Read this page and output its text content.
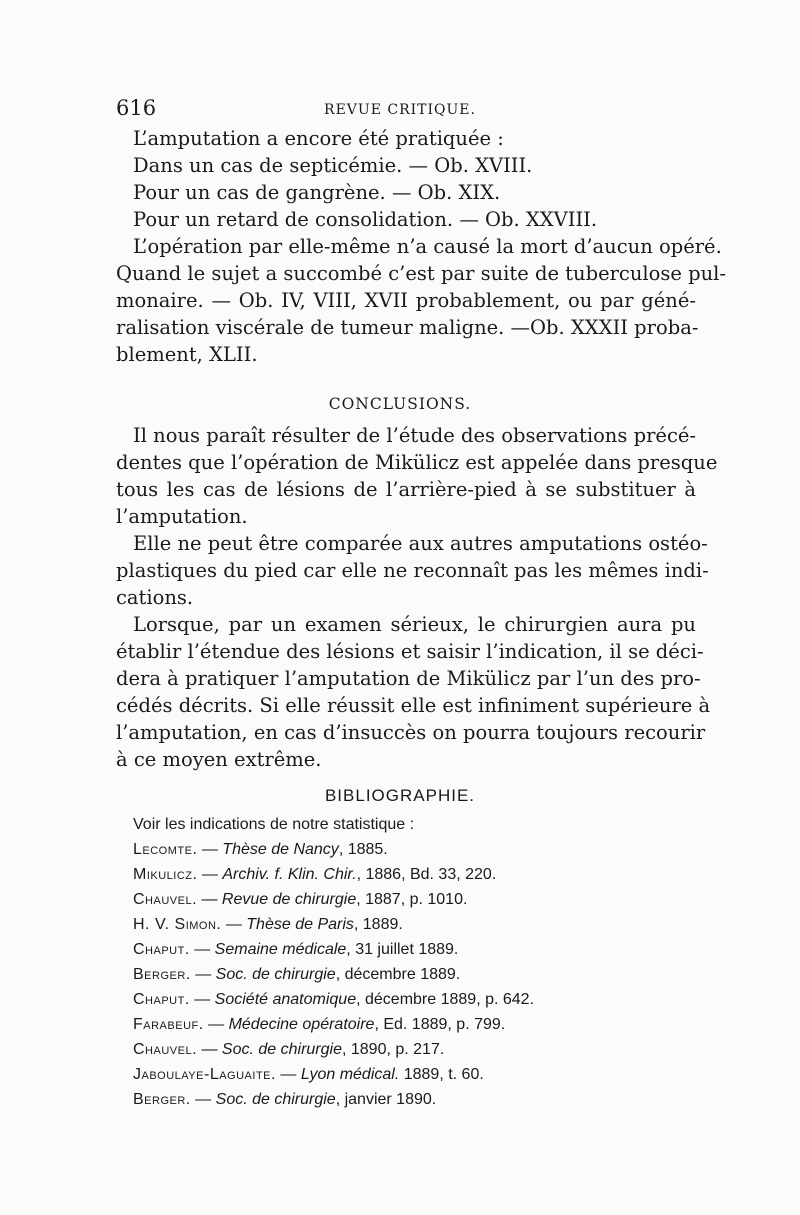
616	REVUE CRITIQUE.
L’amputation a encore été pratiquée :
Dans un cas de septicémie. — Ob. XVIII.
Pour un cas de gangrène. — Ob. XIX.
Pour un retard de consolidation. — Ob. XXVIII.
L’opération par elle-même n’a causé la mort d’aucun opéré.
Quand le sujet a succombé c’est par suite de tuberculose pul-
monaire. — Ob. IV, VIII, XVII probablement, ou par géné-
ralisation viscérale de tumeur maligne. —Ob. XXXII proba-
blement, XLII.
CONCLUSIONS.
Il nous paraît résulter de l’étude des observations précé-
dentes que l’opération de Mikülicz est appelée dans presque
tous les cas de lésions de l’arrière-pied à se substituer à
l’amputation.
Elle ne peut être comparée aux autres amputations ostéo-
plastiques du pied car elle ne reconnaît pas les mêmes indi-
cations.
Lorsque, par un examen sérieux, le chirurgien aura pu
établir l’étendue des lésions et saisir l’indication, il se déci-
dera à pratiquer l’amputation de Mikülicz par l’un des pro-
cédés décrits. Si elle réussit elle est infiniment supérieure à
l’amputation, en cas d’insuccès on pourra toujours recourir
à ce moyen extrême.
BIBLIOGRAPHIE.
Voir les indications de notre statistique :
Lecomte. — Thèse de Nancy, 1885.
Mikulicz. — Archiv. f. Klin. Chir., 1886, Bd. 33, 220.
Chauvel. — Revue de chirurgie, 1887, p. 1010.
H. V. Simon. — Thèse de Paris, 1889.
Chaput. — Semaine médicale, 31 juillet 1889.
Berger. — Soc. de chirurgie, décembre 1889.
Chaput. — Société anatomique, décembre 1889, p. 642.
Farabeuf. — Médecine opératoire, Ed. 1889, p. 799.
Chauvel. — Soc. de chirurgie, 1890, p. 217.
Jaboulaye-Laguaite. — Lyon médical. 1889, t. 60.
Berger. — Soc. de chirurgie, janvier 1890.
